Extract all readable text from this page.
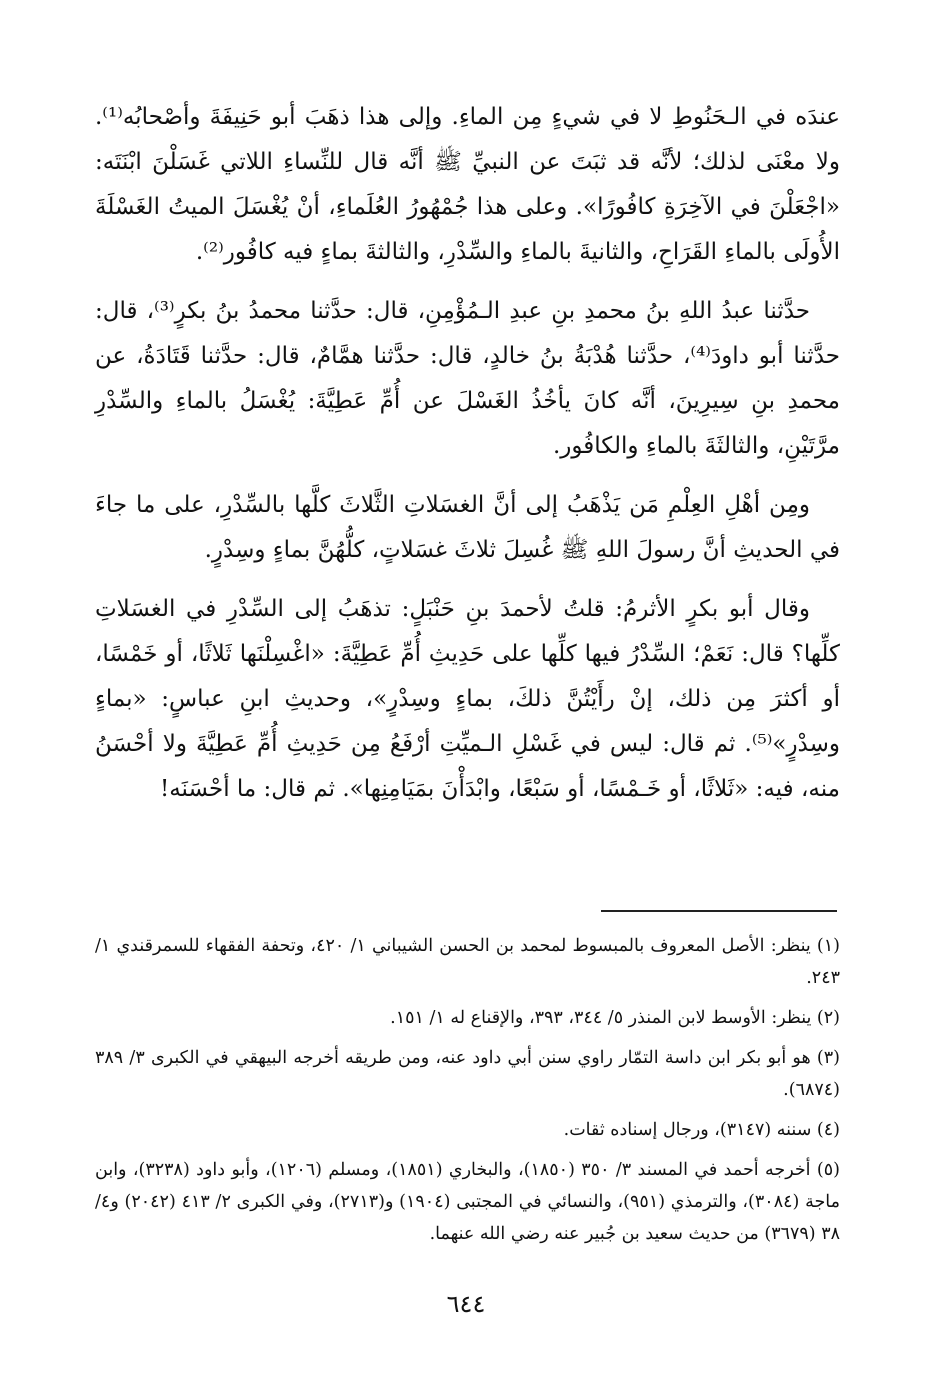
عندَه في الـحَنُوطِ لا في شيءٍ مِن الماءِ. وإلى هذا ذهَبَ أبو حَنِيفَةَ وأصْحابُه⁽¹⁾. ولا معْنَى لذلك؛ لأنَّه قد ثبَتَ عن النبيِّ ﷺ أنَّه قال للنِّساءِ اللاتي غَسَلْنَ ابْنَتَه: «اجْعَلْنَ في الآخِرَةِ كافُورًا». وعلى هذا جُمْهُورُ العُلَماءِ، أنْ يُغْسَلَ الميتُ الغَسْلَةَ الأُولَى بالماءِ القَرَاحِ، والثانيةَ بالماءِ والسِّدْرِ، والثالثةَ بماءٍ فيه كافُور⁽²⁾.

حدَّثنا عبدُ اللهِ بنُ محمدِ بنِ عبدِ الـمُؤْمِنِ، قال: حدَّثنا محمدُ بنُ بكرٍ⁽³⁾، قال: حدَّثنا أبو داودَ⁽⁴⁾، حدَّثنا هُدْبَةُ بنُ خالدٍ، قال: حدَّثنا همَّامٌ، قال: حدَّثنا قَتَادَةُ، عن محمدِ بنِ سِيرِينَ، أنَّه كانَ يأخُذُ الغَسْلَ عن أُمِّ عَطِيَّةَ: يُغْسَلُ بالماءِ والسِّدْرِ مرَّتَيْنِ، والثالثَةَ بالماءِ والكافُور.

ومِن أهْلِ العِلْمِ مَن يَذْهَبُ إلى أنَّ الغسَلاتِ الثَّلاثَ كلَّها بالسِّدْرِ، على ما جاءَ في الحديثِ أنَّ رسولَ اللهِ ﷺ غُسِلَ ثلاثَ غسَلاتٍ، كلُّهُنَّ بماءٍ وسِدْرٍ.

وقال أبو بكرٍ الأثرمُ: قلتُ لأحمدَ بنِ حَنْبَلٍ: تذهَبُ إلى السِّدْرِ في الغسَلاتِ كلِّها؟ قال: نَعَمْ؛ السِّدْرُ فيها كلِّها على حَدِيثِ أُمِّ عَطِيَّةَ: «اغْسِلْنَها ثَلاثًا، أو خَمْسًا، أو أكثرَ مِن ذلك، إنْ رأَيْتُنَّ ذلكَ، بماءٍ وسِدْرٍ»، وحديثِ ابنِ عباسٍ: «بماءٍ وسِدْرٍ»⁽⁵⁾. ثم قال: ليس في غَسْلِ الـميِّتِ أرْفَعُ مِن حَدِيثِ أُمِّ عَطِيَّةَ ولا أحْسَنُ منه، فيه: «ثَلاثًا، أو خَـمْسًا، أو سَبْعًا، وابْدَأْنَ بمَيَامِنِها». ثم قال: ما أحْسَنَه!

(١) ينظر: الأصل المعروف بالمبسوط لمحمد بن الحسن الشيباني ١/ ٤٢٠، وتحفة الفقهاء للسمرقندي ١/ ٢٤٣.

(٢) ينظر: الأوسط لابن المنذر ٥/ ٣٤٤، ٣٩٣، والإقناع له ١/ ١٥١.

(٣) هو أبو بكر ابن داسة التمّار راوي سنن أبي داود عنه، ومن طريقه أخرجه البيهقي في الكبرى ٣/ ٣٨٩ (٦٨٧٤).

(٤) سننه (٣١٤٧)، ورجال إسناده ثقات.

(٥) أخرجه أحمد في المسند ٣/ ٣٥٠ (١٨٥٠)، والبخاري (١٨٥١)، ومسلم (١٢٠٦)، وأبو داود (٣٢٣٨)، وابن ماجة (٣٠٨٤)، والترمذي (٩٥١)، والنسائي في المجتبى (١٩٠٤) و(٢٧١٣)، وفي الكبرى ٢/ ٤١٣ (٢٠٤٢) و٤/ ٣٨ (٣٦٧٩) من حديث سعيد بن جُبير عنه رضي الله عنهما.

٦٤٤
